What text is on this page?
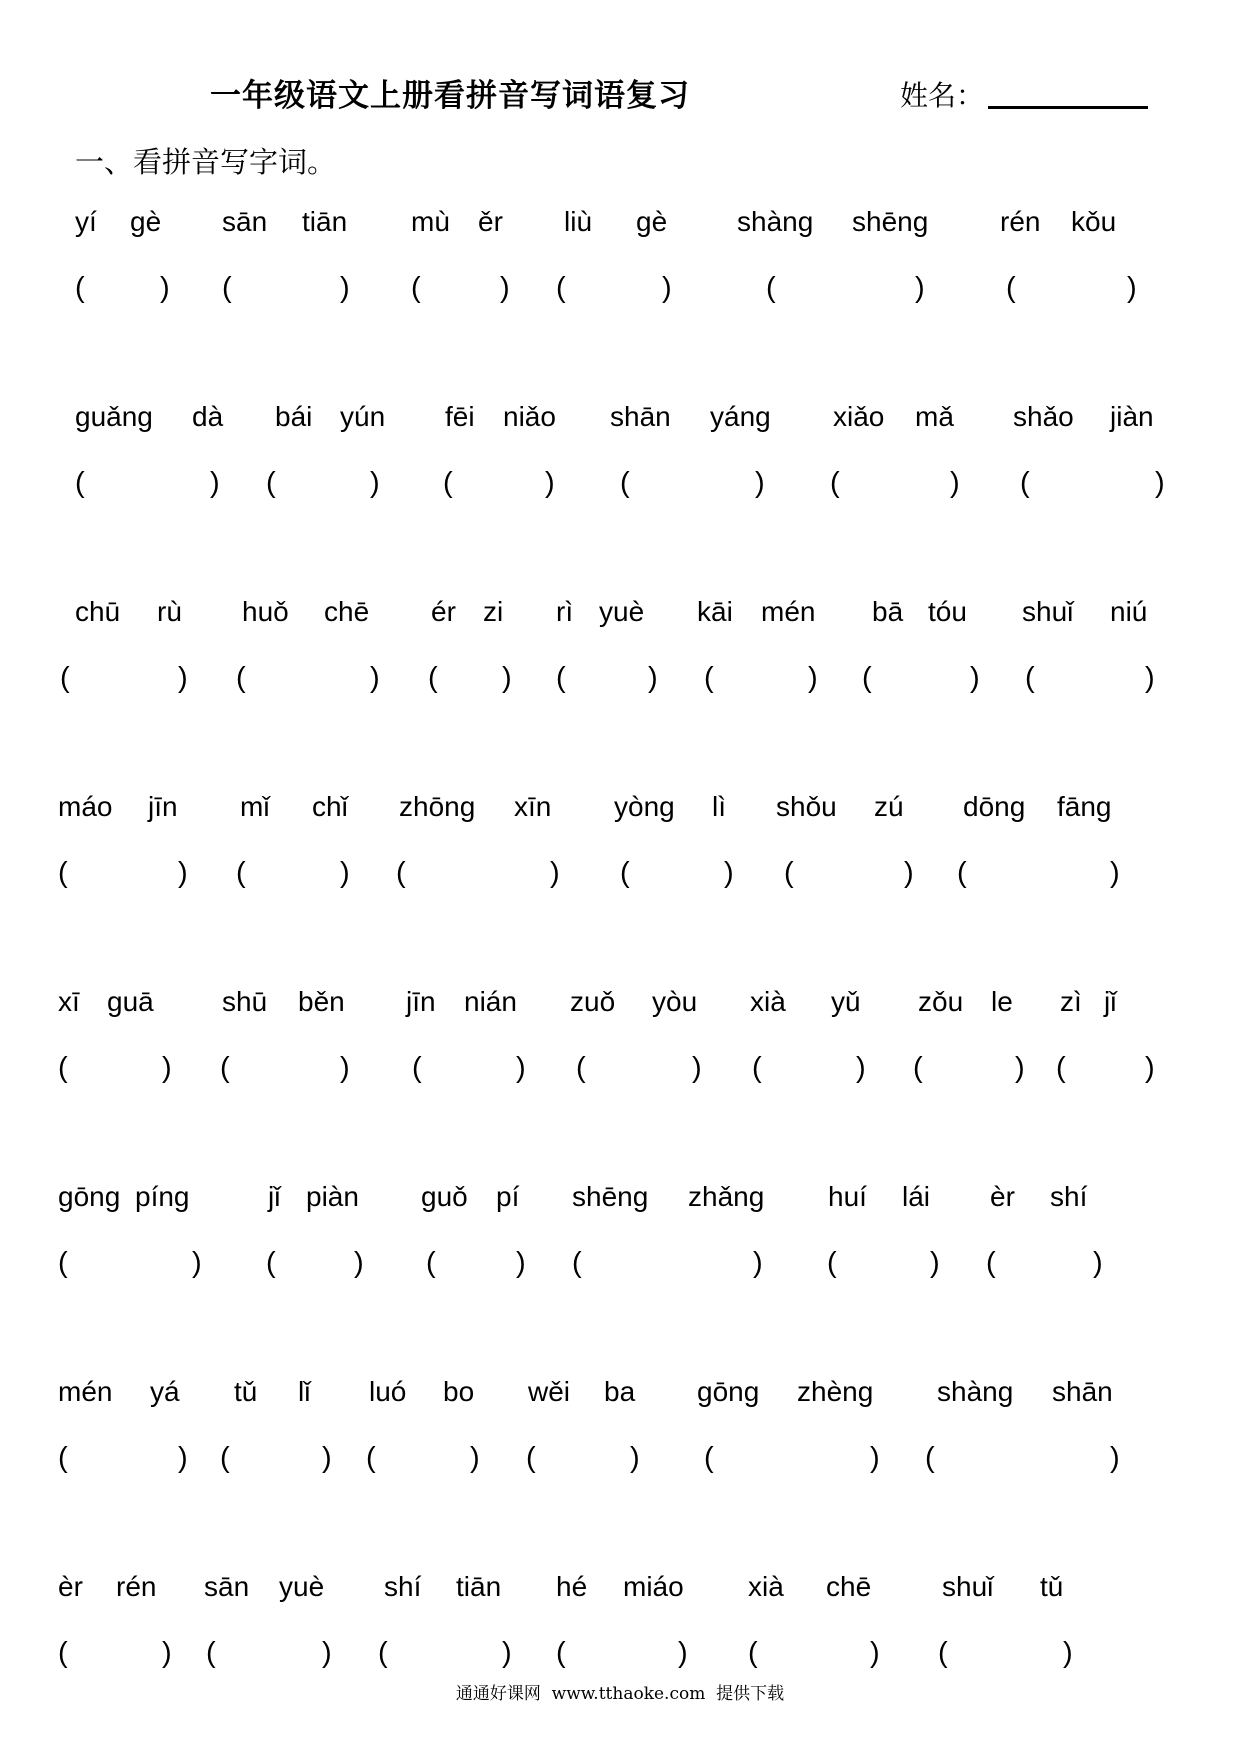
一年级语文上册看拼音写词语复习	姓名：
一、看拼音写字词。
yí gè sān tiān mù ěr liù gè shàng shēng	rén kǒu
(	) (	) (	) (	)	(	)	(	)
guǎng dà bái yún fēi niǎo shān yáng xiǎo mǎ shǎo jiàn
(	) (	) (	) (	) (	) (	)
chū rù huǒ chē ér zi rì yuè kāi mén bā tóu shuǐ niú
(	) (	) ( ) (	) (	) (	) (	)
máo jīn mǐ chǐ zhōng xīn yòng lì shǒu zú dōng fāng
(	) (	) (	) (	) (	) (	)
xī guā shū běn jīn nián zuǒ yòu xià yǔ zǒu le zì jǐ
(	) (	) (	) (	) (	) (	) (	)
gōng píng	jǐ piàn guǒ pí shēng zhǎng huí lái èr shí
(	) (	) (	) (	) (	) (	)
mén yá tǔ lǐ luó bo wěi ba gōng zhèng shàng shān
(	) (	) (	) (	) (	) (	)
èr rén sān yuè shí tiān hé miáo xià chē	shuǐ tǔ
(	) (	) (	) (	) (	) (	)
通通好课网  www.tthaoke.com  提供下载
